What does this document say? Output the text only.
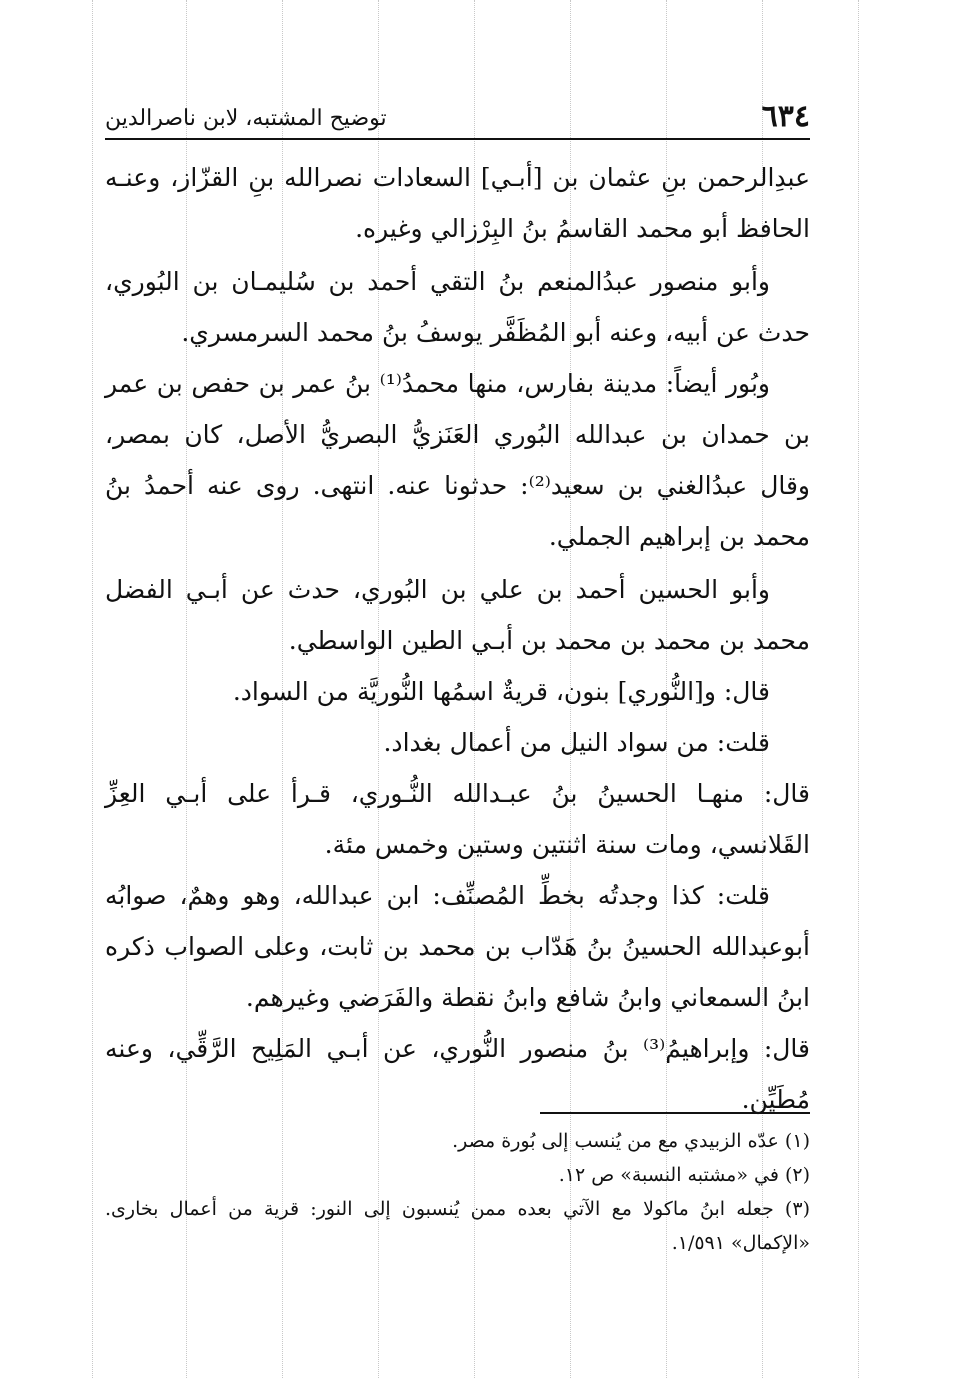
٦٣٤
توضيح المشتبه، لابن ناصرالدين

عبدِالرحمن بنِ عثمان بن [أبـي] السعادات نصرالله بنِ القزّاز، وعنـه الحافظ أبو محمد القاسمُ بنُ البِرْزالي وغيره.

وأبو منصور عبدُالمنعم بنُ التقي أحمد بن سُليمـان بن البُوري، حدث عن أبيه، وعنه أبو المُظَفَّر يوسفُ بنُ محمد السرمسري.

وبُور أيضاً: مدينة بفارس، منها محمدُ⁽¹⁾ بنُ عمر بن حفص بن عمر بن حمدان بن عبدالله البُوري العَنَزيُّ البصريُّ الأصل، كان بمصر، وقال عبدُالغني بن سعيد⁽²⁾: حدثونا عنه. انتهى. روى عنه أحمدُ بنُ محمد بن إبراهيم الجملي.

وأبو الحسين أحمد بن علي بن البُوري، حدث عن أبـي الفضل محمد بن محمد بن محمد بن أبـي الطين الواسطي.

قال: و[النُّوري] بنون، قريةٌ اسمُها النُّوريَّة من السواد.

قلت: من سواد النيل من أعمال بغداد.

قال: منهـا الحسينُ بنُ عبـدالله النُّـوري، قـرأ على أبـي العِزِّ القَلانسي، ومات سنة اثنتين وستين وخمس مئة.

قلت: كذا وجدتُه بخطِّ المُصنِّف: ابن عبدالله، وهو وهمٌ، صوابُه أبوعبدالله الحسينُ بنُ هَدّاب بن محمد بن ثابت، وعلى الصواب ذكره ابنُ السمعاني وابنُ شافع وابنُ نقطة والفَرَضي وغيرهم.

قال: وإبراهيمُ⁽³⁾ بنُ منصور النُّوري، عن أبـي المَلِيح الرَّقِّي، وعنه مُطَيِّن.

(١) عدّه الزبيدي مع من يُنسب إلى بُورة مصر.

(٢) في «مشتبه النسبة» ص ١٢.

(٣) جعله ابنُ ماكولا مع الآتي بعده ممن يُنسبون إلى النور: قرية من أعمال بخارى. «الإكمال» ١/٥٩١.
